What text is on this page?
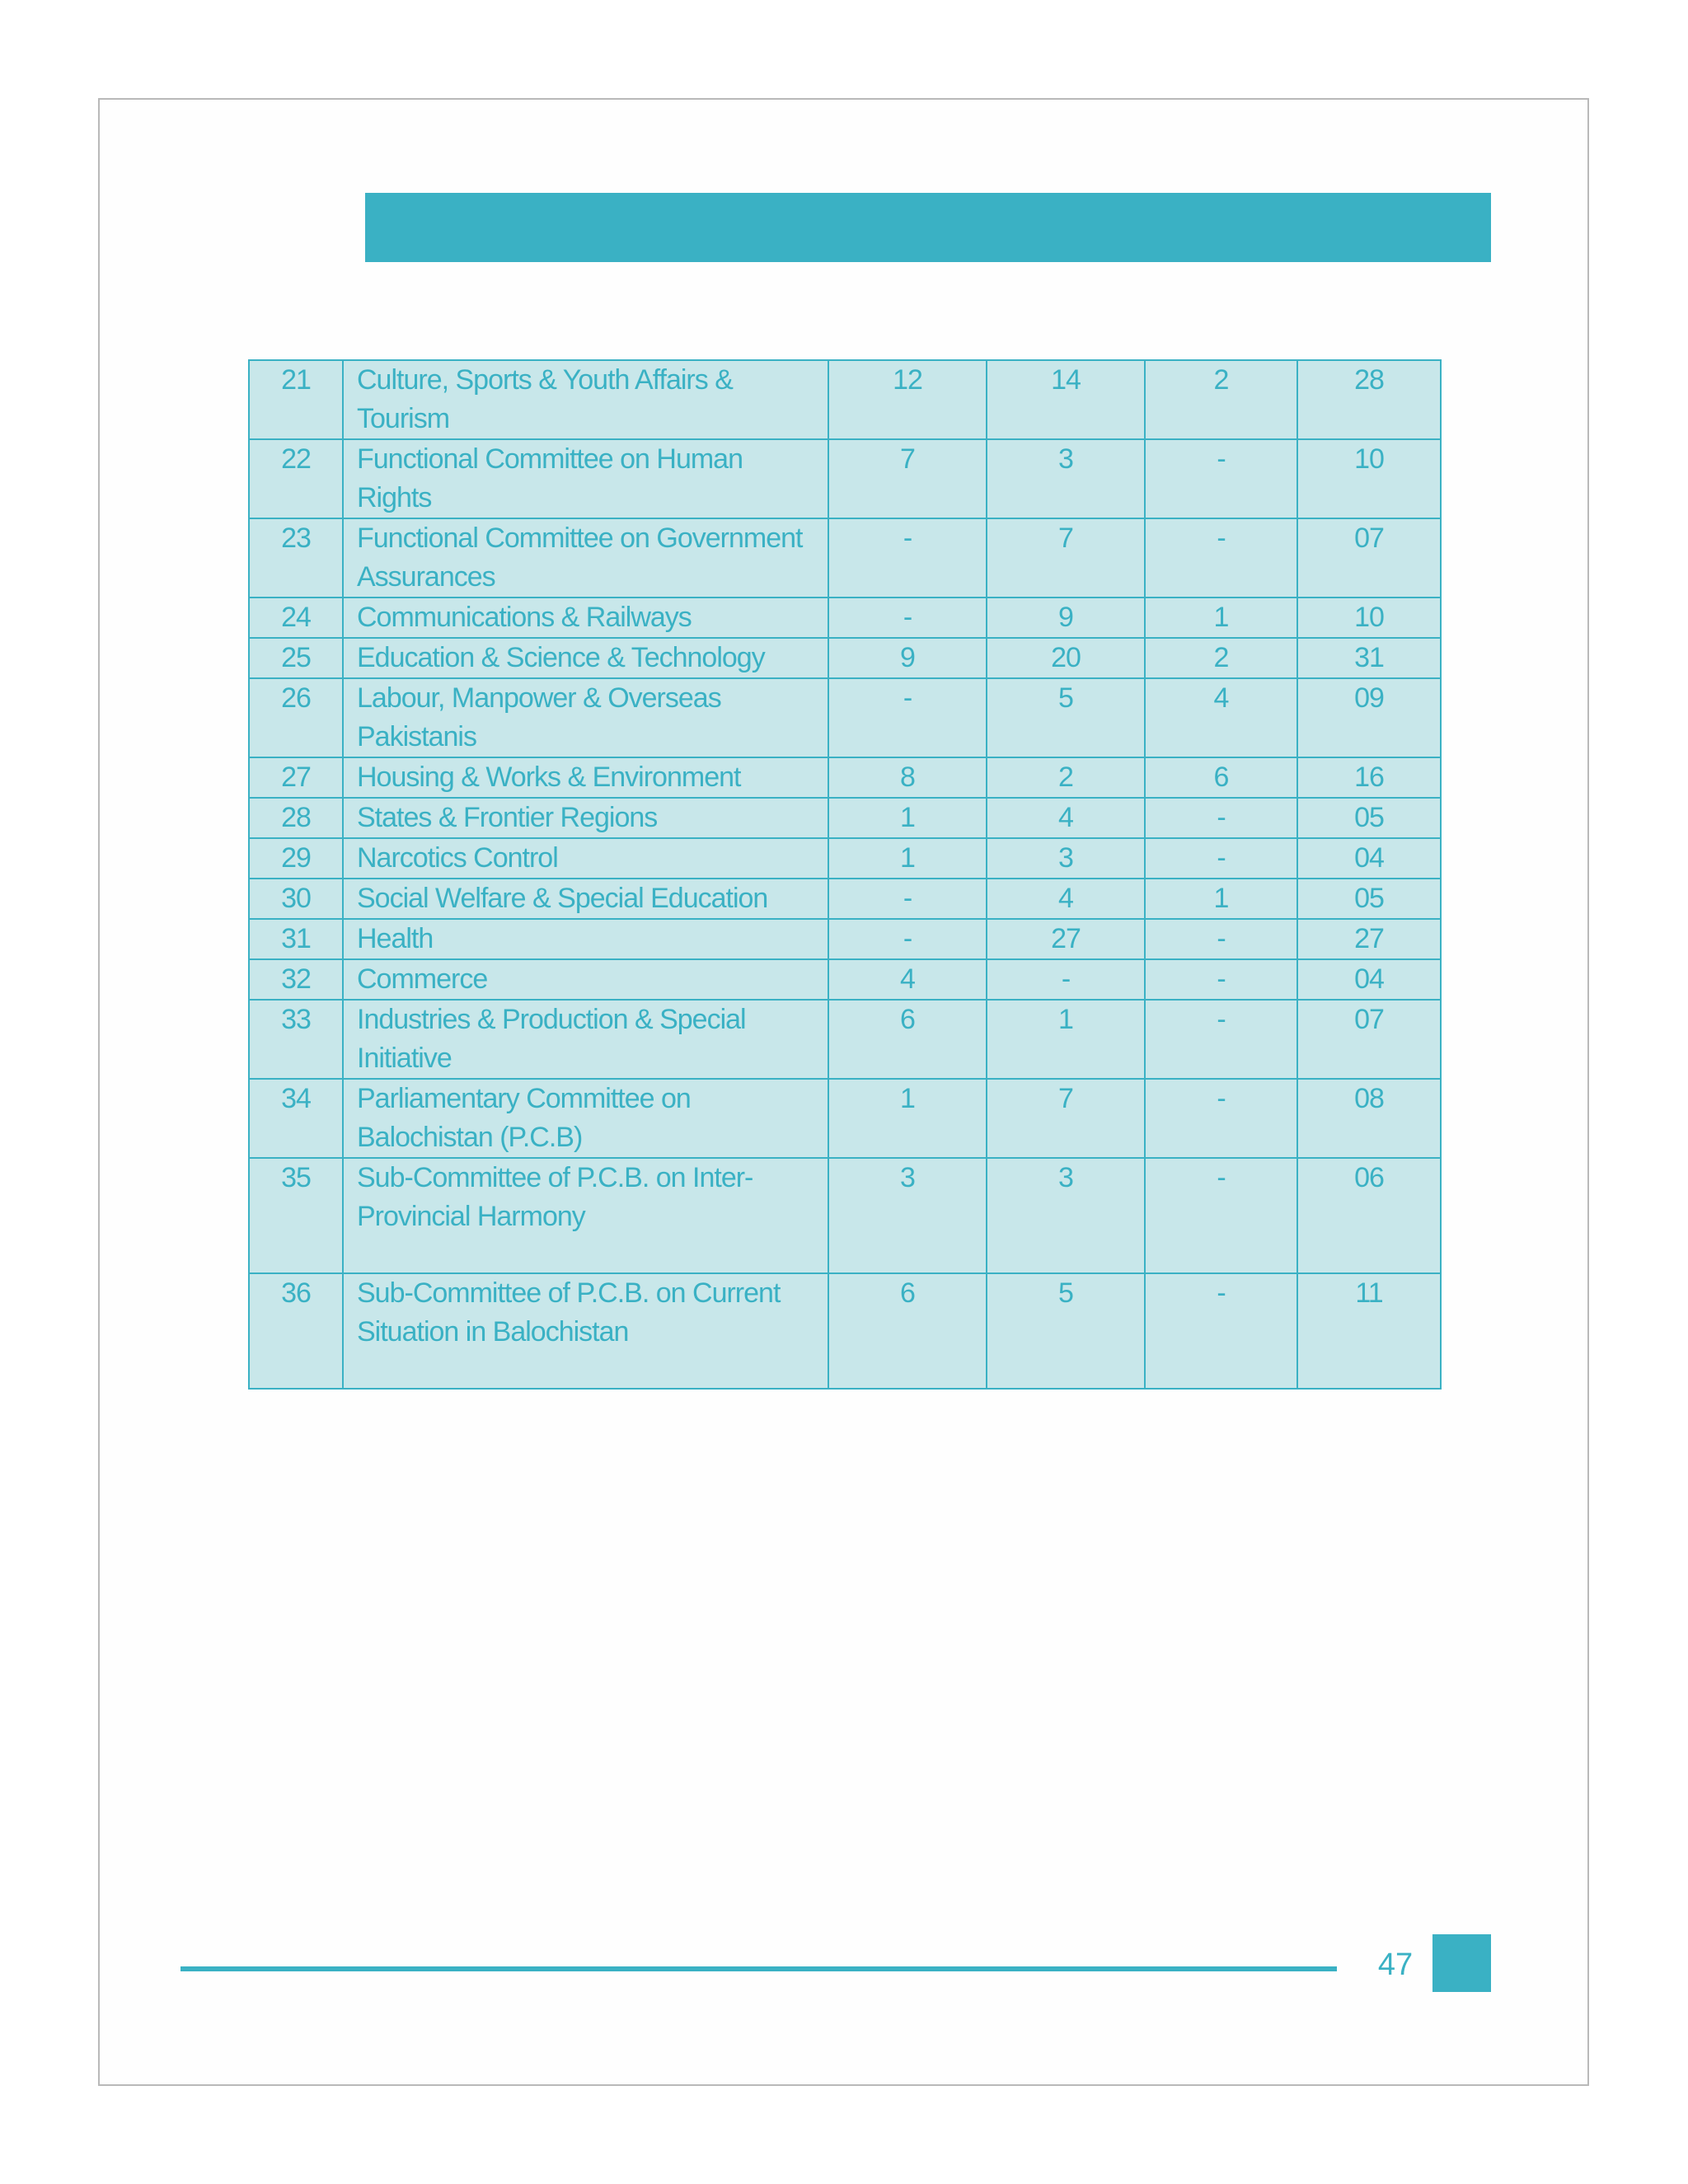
21	Culture, Sports & Youth Affairs & Tourism	12	14	2	28
22	Functional Committee on Human Rights	7	3	-	10
23	Functional Committee on Government Assurances	-	7	-	07
24	Communications & Railways	-	9	1	10
25	Education & Science & Technology	9	20	2	31
26	Labour, Manpower & Overseas Pakistanis	-	5	4	09
27	Housing & Works & Environment	8	2	6	16
28	States & Frontier Regions	1	4	-	05
29	Narcotics Control	1	3	-	04
30	Social Welfare & Special Education	-	4	1	05
31	Health	-	27	-	27
32	Commerce	4	-	-	04
33	Industries & Production & Special Initiative	6	1	-	07
34	Parliamentary Committee on Balochistan (P.C.B)	1	7	-	08
35	Sub-Committee of P.C.B. on Inter-Provincial Harmony	3	3	-	06
36	Sub-Committee of P.C.B. on Current Situation in Balochistan	6	5	-	11
47
